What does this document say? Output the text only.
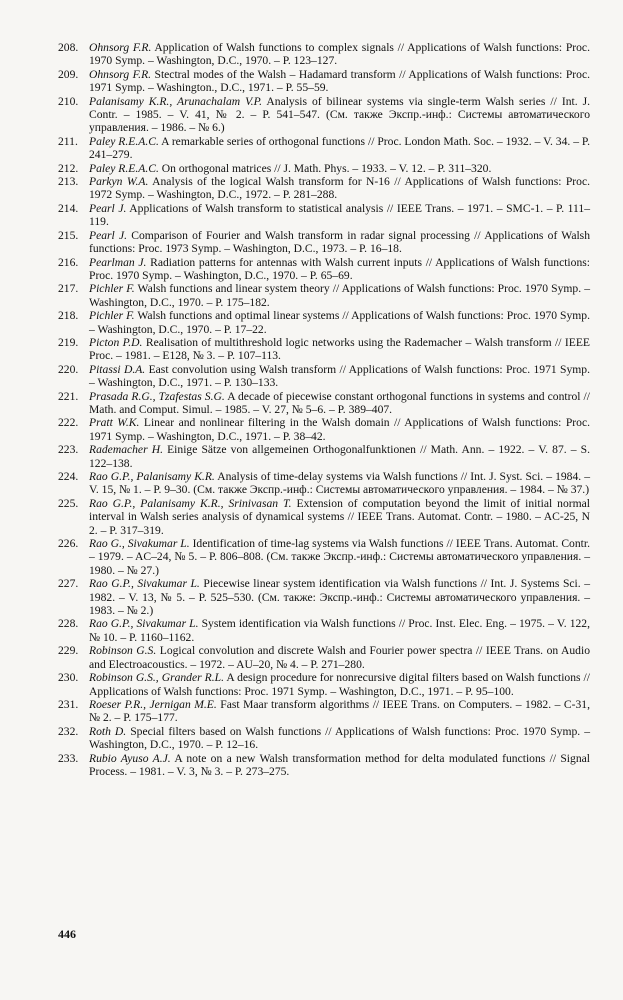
208. Ohnsorg F.R. Application of Walsh functions to complex signals // Applications of Walsh functions: Proc. 1970 Symp. – Washington, D.C., 1970. – P. 123–127.

209. Ohnsorg F.R. Stectral modes of the Walsh – Hadamard transform // Applications of Walsh functions: Proc. 1971 Symp. – Washington., D.C., 1971. – P. 55–59.

210. Palanisamy K.R., Arunachalam V.P. Analysis of bilinear systems via single-term Walsh series // Int. J. Contr. – 1985. – V. 41, № 2. – P. 541–547. (См. также Экспр.-инф.: Системы автоматического управления. – 1986. – № 6.)

211. Paley R.E.A.C. A remarkable series of orthogonal functions // Proc. London Math. Soc. – 1932. – V. 34. – P. 241–279.

212. Paley R.E.A.C. On orthogonal matrices // J. Math. Phys. – 1933. – V. 12. – P. 311–320.

213. Parkyn W.A. Analysis of the logical Walsh transform for N-16 // Applications of Walsh functions: Proc. 1972 Symp. – Washington, D.C., 1972. – P. 281–288.

214. Pearl J. Applications of Walsh transform to statistical analysis // IEEE Trans. – 1971. – SMC-1. – P. 111–119.

215. Pearl J. Comparison of Fourier and Walsh transform in radar signal processing // Applications of Walsh functions: Proc. 1973 Symp. – Washington, D.C., 1973. – P. 16–18.

216. Pearlman J. Radiation patterns for antennas with Walsh current inputs // Applications of Walsh functions: Proc. 1970 Symp. – Washington, D.C., 1970. – P. 65–69.

217. Pichler F. Walsh functions and linear system theory // Applications of Walsh functions: Proc. 1970 Symp. – Washington, D.C., 1970. – P. 175–182.

218. Pichler F. Walsh functions and optimal linear systems // Applications of Walsh functions: Proc. 1970 Symp. – Washington, D.C., 1970. – P. 17–22.

219. Picton P.D. Realisation of multithreshold logic networks using the Rademacher – Walsh transform // IEEE Proc. – 1981. – E128, № 3. – P. 107–113.

220. Pitassi D.A. East convolution using Walsh transform // Applications of Walsh functions: Proc. 1971 Symp. – Washington, D.C., 1971. – P. 130–133.

221. Prasada R.G., Tzafestas S.G. A decade of piecewise constant orthogonal functions in systems and control // Math. and Comput. Simul. – 1985. – V. 27, № 5–6. – P. 389–407.

222. Pratt W.K. Linear and nonlinear filtering in the Walsh domain // Applications of Walsh functions: Proc. 1971 Symp. – Washington, D.C., 1971. – P. 38–42.

223. Rademacher H. Einige Sätze von allgemeinen Orthogonalfunktionen // Math. Ann. – 1922. – V. 87. – S. 122–138.

224. Rao G.P., Palanisamy K.R. Analysis of time-delay systems via Walsh functions // Int. J. Syst. Sci. – 1984. – V. 15, № 1. – P. 9–30. (См. также Экспр.-инф.: Системы автоматического управления. – 1984. – № 37.)

225. Rao G.P., Palanisamy K.R., Srinivasan T. Extension of computation beyond the limit of initial normal interval in Walsh series analysis of dynamical systems // IEEE Trans. Automat. Contr. – 1980. – AC-25, N 2. – P. 317–319.

226. Rao G., Sivakumar L. Identification of time-lag systems via Walsh functions // IEEE Trans. Automat. Contr. – 1979. – AC–24, № 5. – P. 806–808. (См. также Экспр.-инф.: Системы автоматического управления. – 1980. – № 27.)

227. Rao G.P., Sivakumar L. Piecewise linear system identification via Walsh functions // Int. J. Systems Sci. – 1982. – V. 13, № 5. – P. 525–530. (См. также: Экспр.-инф.: Системы автоматического управления. – 1983. – № 2.)

228. Rao G.P., Sivakumar L. System identification via Walsh functions // Proc. Inst. Elec. Eng. – 1975. – V. 122, № 10. – P. 1160–1162.

229. Robinson G.S. Logical convolution and discrete Walsh and Fourier power spectra // IEEE Trans. on Audio and Electroacoustics. – 1972. – AU–20, № 4. – P. 271–280.

230. Robinson G.S., Grander R.L. A design procedure for nonrecursive digital filters based on Walsh functions // Applications of Walsh functions: Proc. 1971 Symp. – Washington, D.C., 1971. – P. 95–100.

231. Roeser P.R., Jernigan M.E. Fast Maar transform algorithms // IEEE Trans. on Computers. – 1982. – C-31, № 2. – P. 175–177.

232. Roth D. Special filters based on Walsh functions // Applications of Walsh functions: Proc. 1970 Symp. – Washington, D.C., 1970. – P. 12–16.

233. Rubio Ayuso A.J. A note on a new Walsh transformation method for delta modulated functions // Signal Process. – 1981. – V. 3, № 3. – P. 273–275.

446
